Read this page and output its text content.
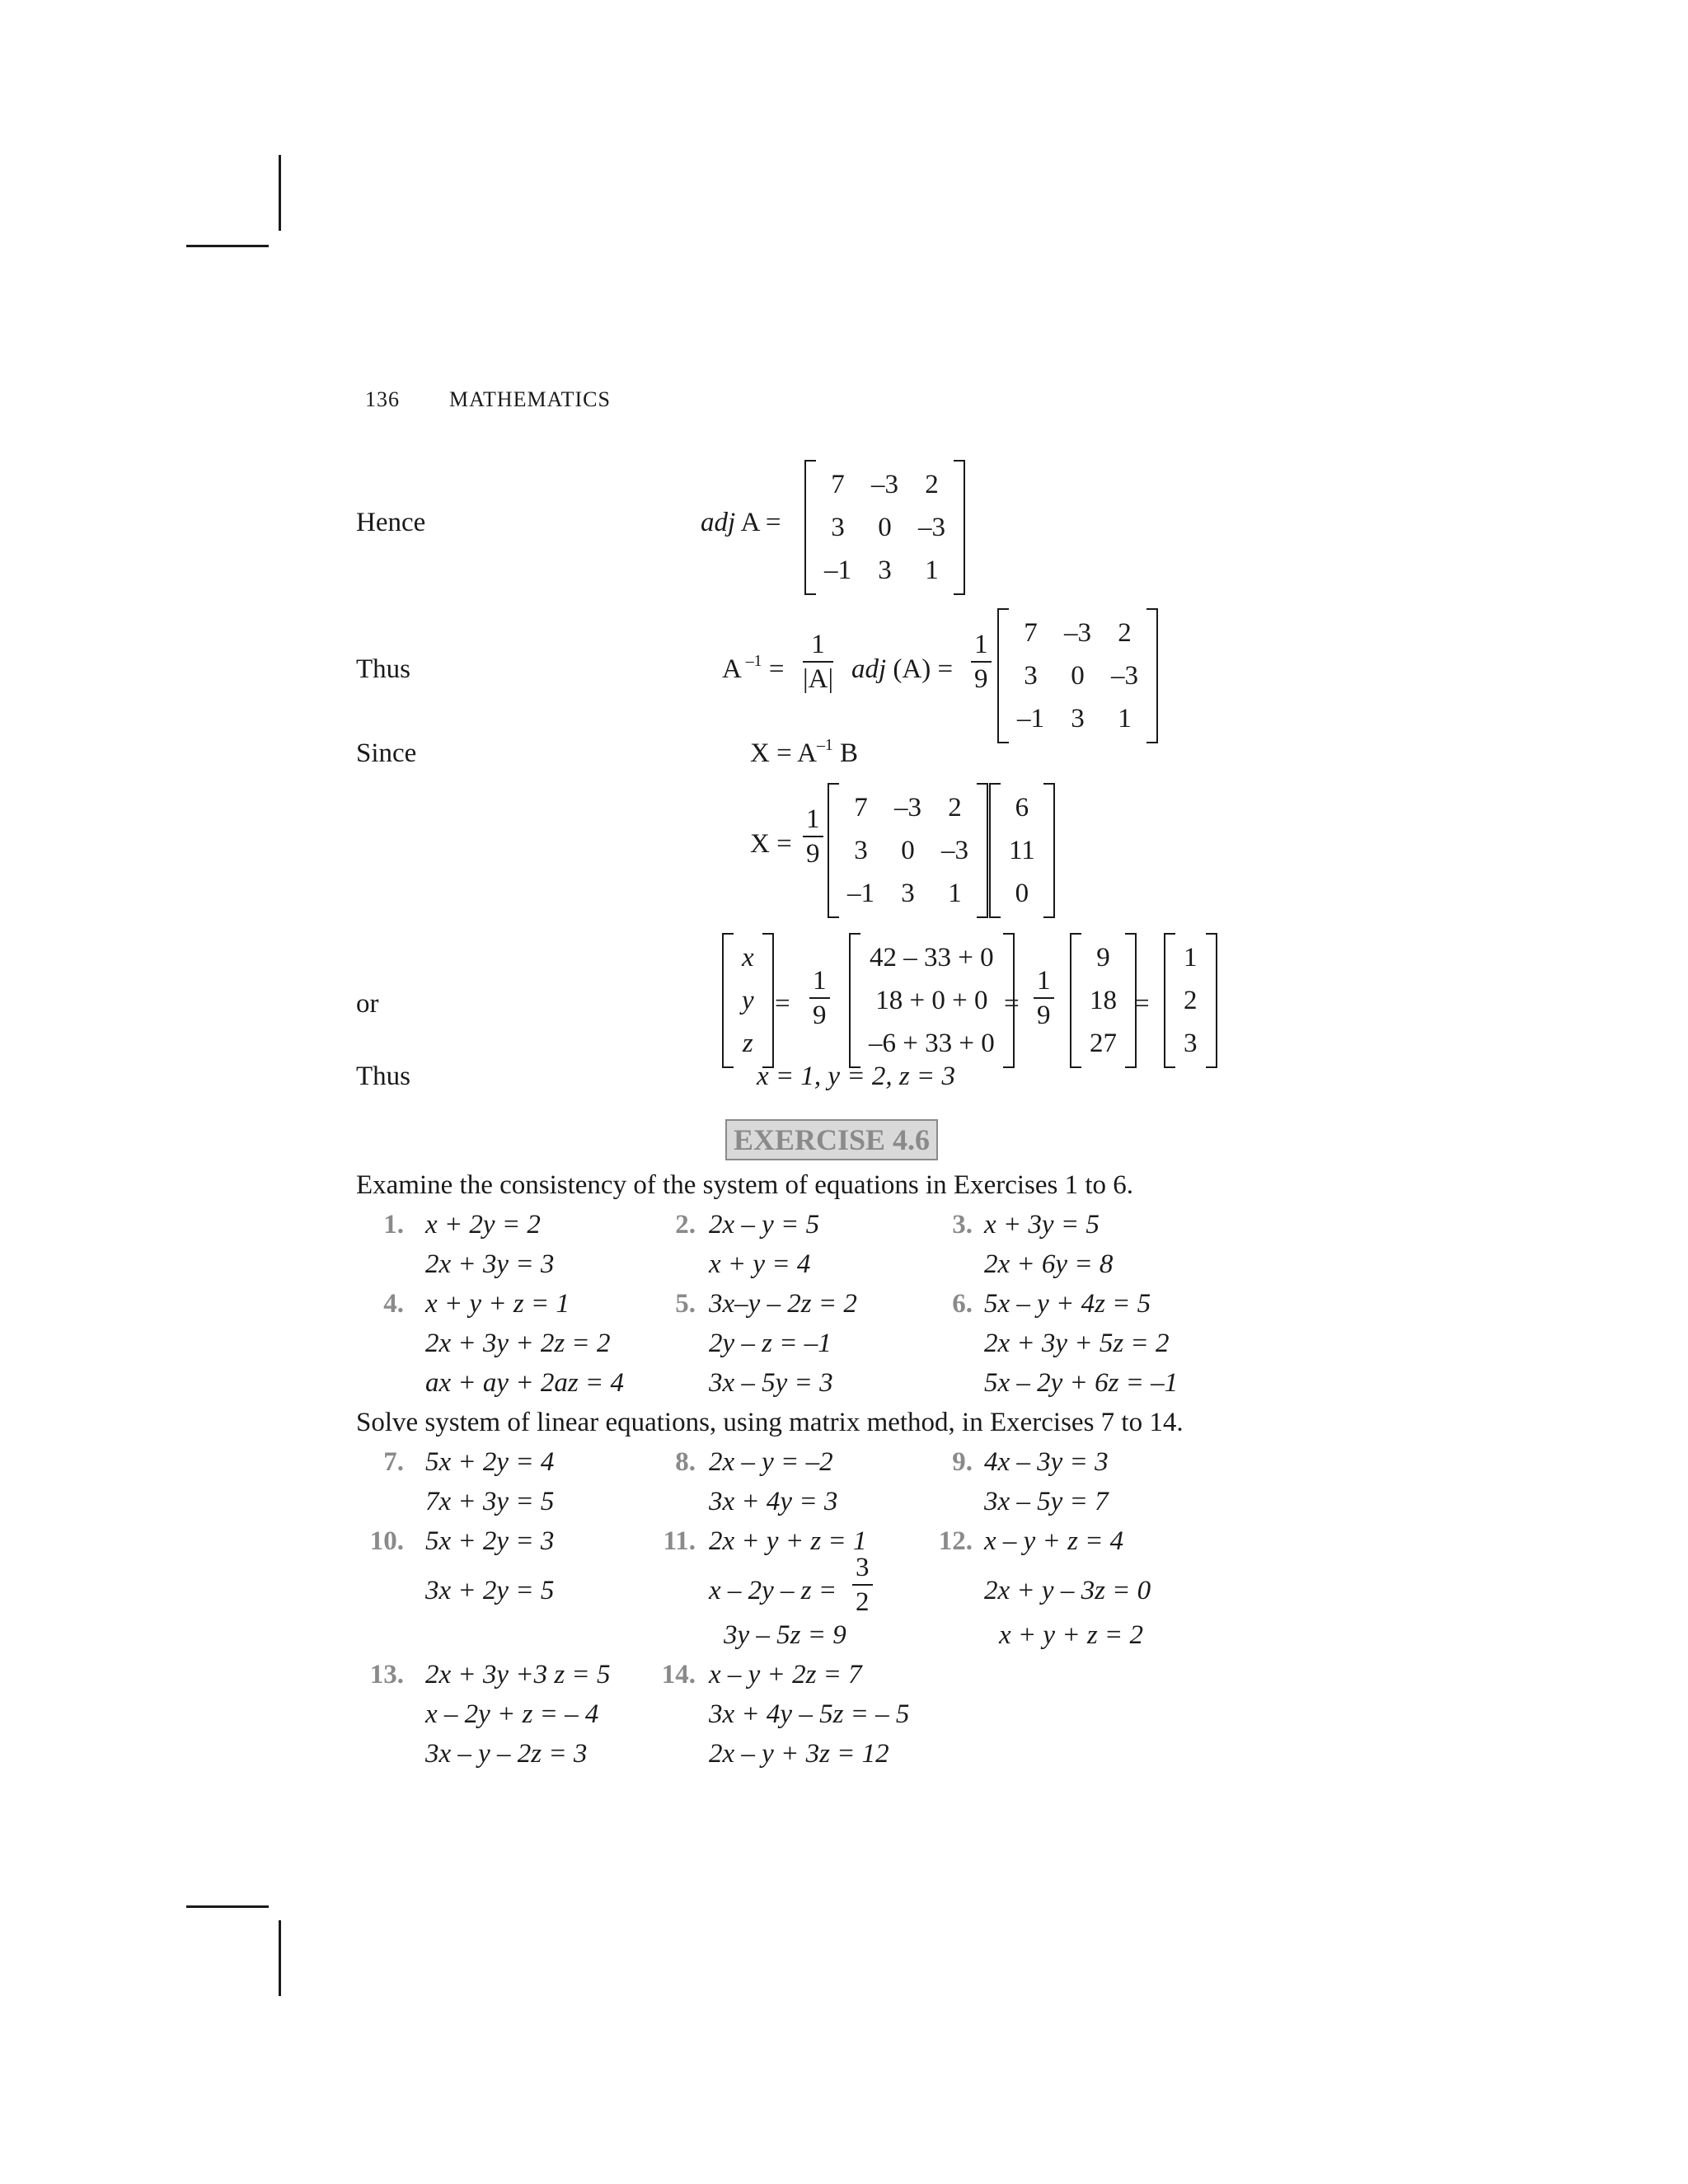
136 MATHEMATICS
Hence	adj A =
7	–3	2
3	0	–3
–1	3	1
Thus	A $^{-1} = \frac{1}{|A|}$ adj $(A) = \frac{1}{9} 7$	–3	2
3	0	–3
–1	3	1
Since	$X = A^{-1}$ B
$X = \frac{1}{9} 7$	–3	2
3	0	–3
–1	3	1
6
11
0
or
x
y
z
= $\frac{1}{9}$
42 – 33 + 0
18 + 0 + 0
–6 + 33 + 0
= $\frac{1}{9}$
9
18
27
=
1
2
3
Thus	x = 1, y = 2, z = 3
EXERCISE 4.6
Examine the consistency of the system of equations in Exercises 1 to 6.
1. x + 2y = 2
2x + 3y = 3
2. 2x – y = 5
x + y = 4
3. x + 3y = 5
2x + 6y = 8
4. x + y + z = 1
2x + 3y + 2z = 2
ax + ay + 2az = 4
5. 3x–y – 2z = 2
2y – z = –1
3x – 5y = 3
6. 5x – y + 4z = 5
2x + 3y + 5z = 2
5x – 2y + 6z = –1
Solve system of linear equations, using matrix method, in Exercises 7 to 14.
7. 5x + 2y = 4
7x + 3y = 5
8. 2x – y = –2
3x + 4y = 3
9. 4x – 3y = 3
3x – 5y = 7
10. 5x + 2y = 3
3x + 2y = 5
11. 2x + y + z = 1
$x - 2y - z = \frac{3}{2}$
3y – 5z = 9
12. x – y + z = 4
2x + y – 3z = 0
x + y + z = 2
13. 2x + 3y +3 z = 5
x – 2y + z = – 4
3x – y – 2z = 3
14. x – y + 2z = 7
3x + 4y – 5z = – 5
2x – y + 3z = 12
